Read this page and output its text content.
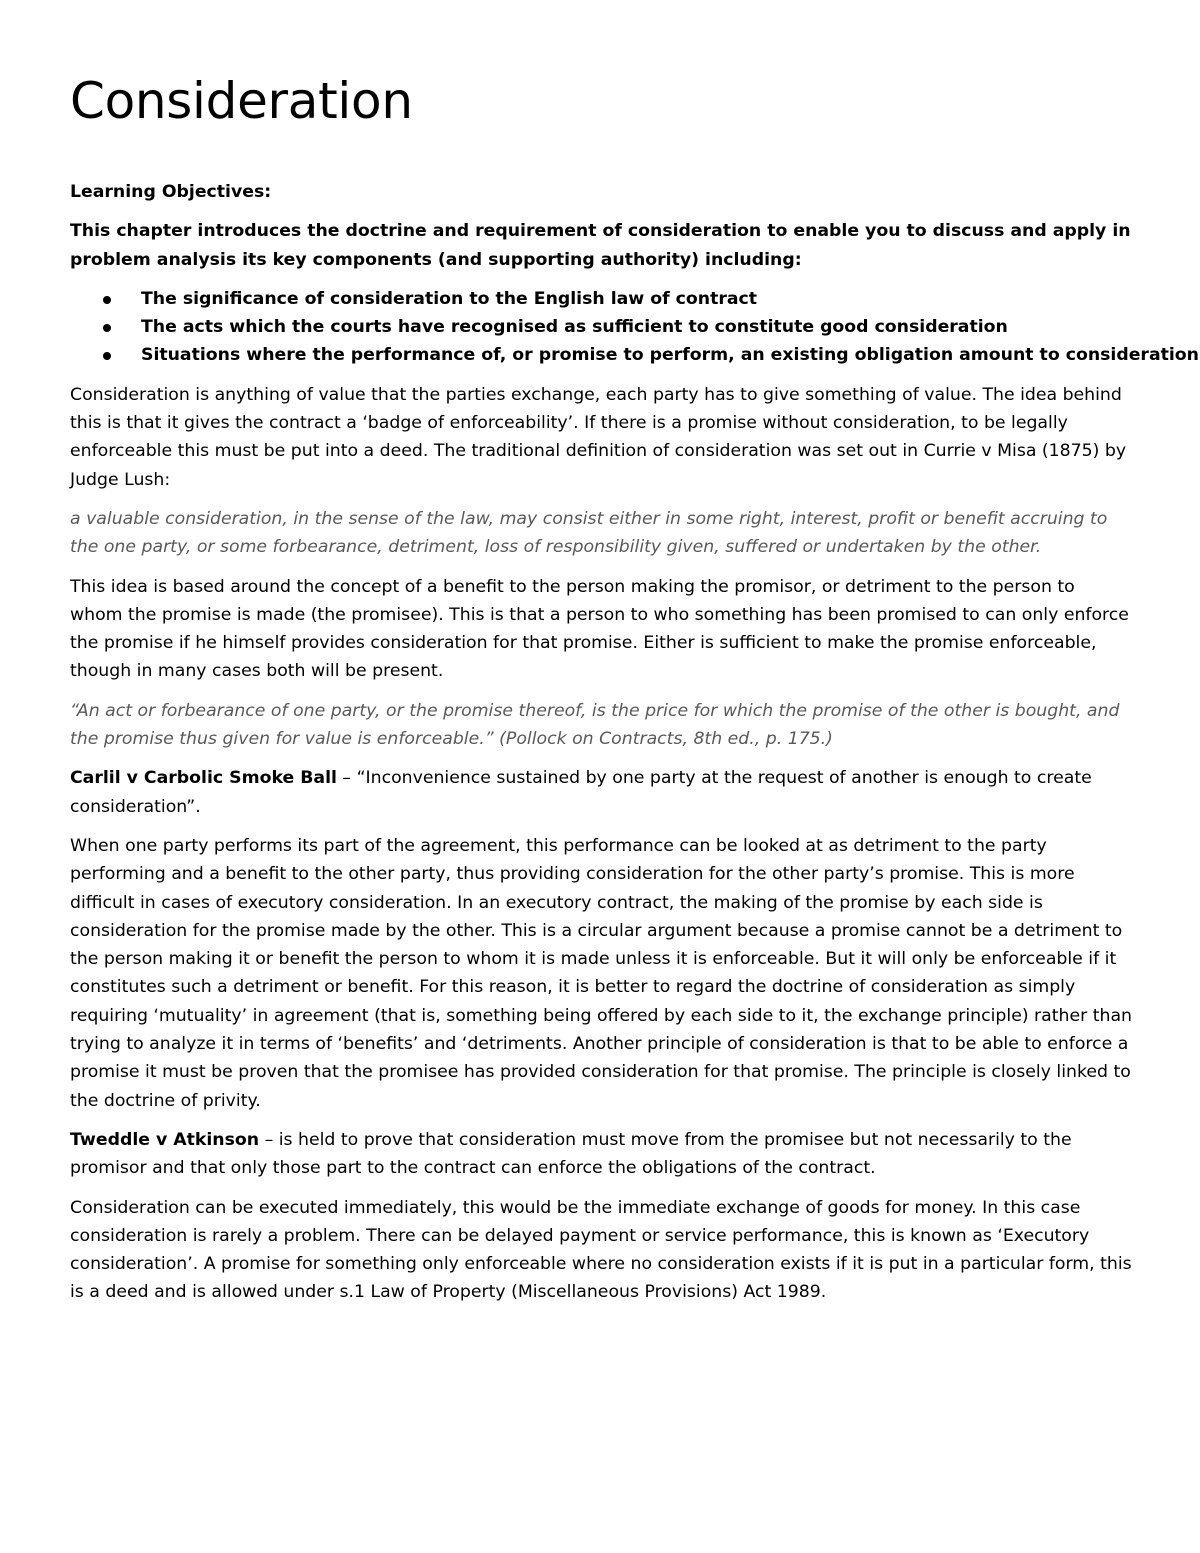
Consideration

Learning Objectives:

This chapter introduces the doctrine and requirement of consideration to enable you to discuss and apply in problem analysis its key components (and supporting authority) including:

The significance of consideration to the English law of contract
The acts which the courts have recognised as sufficient to constitute good consideration
Situations where the performance of, or promise to perform, an existing obligation amount to consideration

Consideration is anything of value that the parties exchange, each party has to give something of value. The idea behind this is that it gives the contract a ‘badge of enforceability’. If there is a promise without consideration, to be legally enforceable this must be put into a deed. The traditional definition of consideration was set out in Currie v Misa (1875) by Judge Lush:

a valuable consideration, in the sense of the law, may consist either in some right, interest, profit or benefit accruing to the one party, or some forbearance, detriment, loss of responsibility given, suffered or undertaken by the other.

This idea is based around the concept of a benefit to the person making the promisor, or detriment to the person to whom the promise is made (the promisee). This is that a person to who something has been promised to can only enforce the promise if he himself provides consideration for that promise. Either is sufficient to make the promise enforceable, though in many cases both will be present.

“An act or forbearance of one party, or the promise thereof, is the price for which the promise of the other is bought, and the promise thus given for value is enforceable.” (Pollock on Contracts, 8th ed., p. 175.)

Carlil v Carbolic Smoke Ball – “Inconvenience sustained by one party at the request of another is enough to create consideration”.

When one party performs its part of the agreement, this performance can be looked at as detriment to the party performing and a benefit to the other party, thus providing consideration for the other party’s promise. This is more difficult in cases of executory consideration. In an executory contract, the making of the promise by each side is consideration for the promise made by the other. This is a circular argument because a promise cannot be a detriment to the person making it or benefit the person to whom it is made unless it is enforceable. But it will only be enforceable if it constitutes such a detriment or benefit. For this reason, it is better to regard the doctrine of consideration as simply requiring ‘mutuality’ in agreement (that is, something being offered by each side to it, the exchange principle) rather than trying to analyze it in terms of ‘benefits’ and ‘detriments. Another principle of consideration is that to be able to enforce a promise it must be proven that the promisee has provided consideration for that promise. The principle is closely linked to the doctrine of privity.

Tweddle v Atkinson – is held to prove that consideration must move from the promisee but not necessarily to the promisor and that only those part to the contract can enforce the obligations of the contract.

Consideration can be executed immediately, this would be the immediate exchange of goods for money. In this case consideration is rarely a problem. There can be delayed payment or service performance, this is known as ‘Executory consideration’. A promise for something only enforceable where no consideration exists if it is put in a particular form, this is a deed and is allowed under s.1 Law of Property (Miscellaneous Provisions) Act 1989.
